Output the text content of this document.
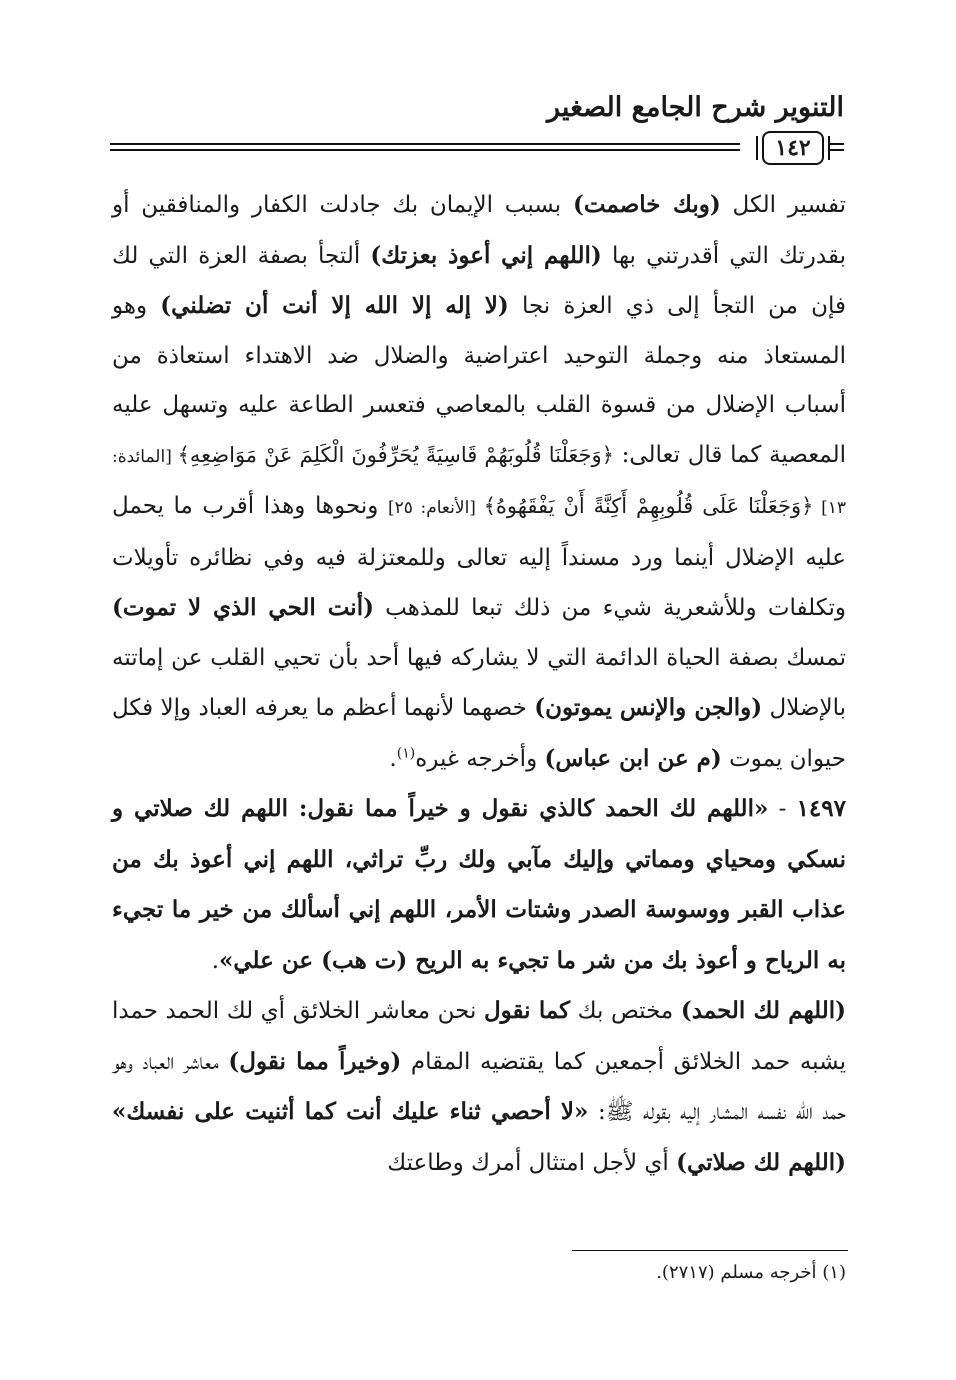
التنوير شرح الجامع الصغير
١٤٢

تفسير الكل (وبك خاصمت) بسبب الإيمان بك جادلت الكفار والمنافقين أو بقدرتك التي أقدرتني بها (اللهم إني أعوذ بعزتك) ألتجأ بصفة العزة التي لك فإن من التجأ إلى ذي العزة نجا (لا إله إلا الله إلا أنت أن تضلني) وهو المستعاذ منه وجملة التوحيد اعتراضية والضلال ضد الاهتداء استعاذة من أسباب الإضلال من قسوة القلب بالمعاصي فتعسر الطاعة عليه وتسهل عليه المعصية كما قال تعالى: ﴿وَجَعَلْنَا قُلُوبَهُمْ قَاسِيَةً يُحَرِّفُونَ الْكَلِمَ عَنْ مَوَاضِعِهِ﴾ [المائدة: ١٣] ﴿وَجَعَلْنَا عَلَى قُلُوبِهِمْ أَكِنَّةً أَنْ يَفْقَهُوهُ﴾ [الأنعام: ٢٥] ونحوها وهذا أقرب ما يحمل عليه الإضلال أينما ورد مسنداً إليه تعالى وللمعتزلة فيه وفي نظائره تأويلات وتكلفات وللأشعرية شيء من ذلك تبعا للمذهب (أنت الحي الذي لا تموت) تمسك بصفة الحياة الدائمة التي لا يشاركه فيها أحد بأن تحيي القلب عن إماتته بالإضلال (والجن والإنس يموتون) خصهما لأنهما أعظم ما يعرفه العباد وإلا فكل حيوان يموت (م عن ابن عباس) وأخرجه غيره$^{(١)}$.

١٤٩٧ - «اللهم لك الحمد كالذي نقول و خيراً مما نقول: اللهم لك صلاتي و نسكي ومحياي ومماتي وإليك مآبي ولك ربِّ تراثي، اللهم إني أعوذ بك من عذاب القبر ووسوسة الصدر وشتات الأمر، اللهم إني أسألك من خير ما تجيء به الرياح و أعوذ بك من شر ما تجيء به الريح (ت هب) عن علي».

(اللهم لك الحمد) مختص بك كما نقول نحن معاشر الخلائق أي لك الحمد حمدا يشبه حمد الخلائق أجمعين كما يقتضيه المقام (وخيراً مما نقول) معاشر العباد وهو حمد الله نفسه المشار إليه بقوله ﷺ: «لا أحصي ثناء عليك أنت كما أثنيت على نفسك» (اللهم لك صلاتي) أي لأجل امتثال أمرك وطاعتك

(١) أخرجه مسلم (٢٧١٧).
